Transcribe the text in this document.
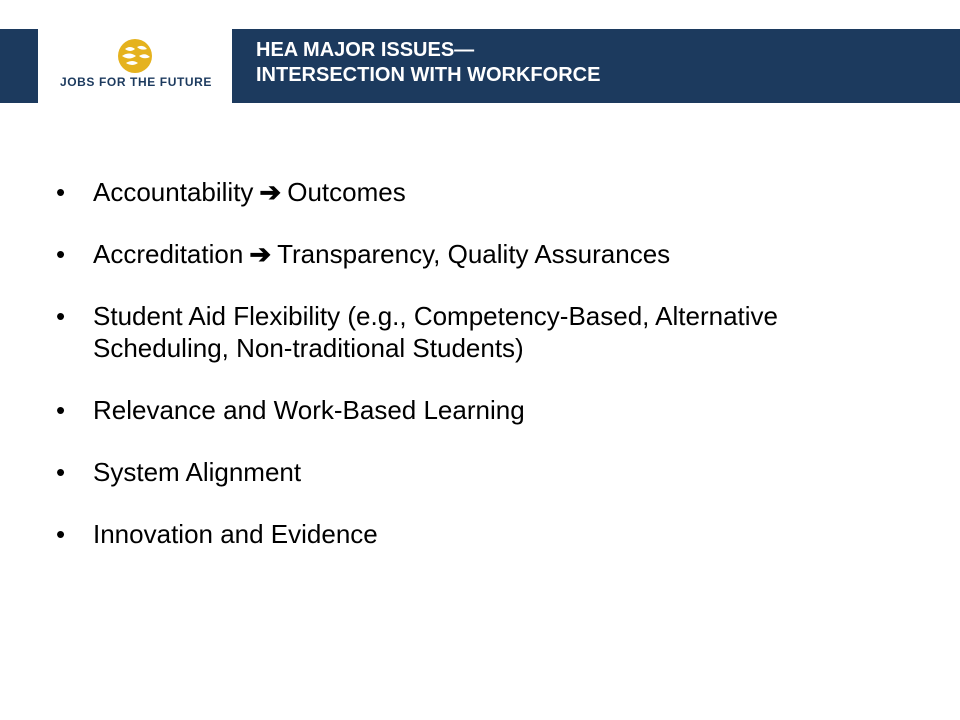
JOBS FOR THE FUTURE
HEA MAJOR ISSUES—
INTERSECTION WITH WORKFORCE
•	Accountability ➔ Outcomes
•	Accreditation ➔ Transparency, Quality Assurances
•	Student Aid Flexibility (e.g., Competency-Based, Alternative Scheduling, Non-traditional Students)
•	Relevance and Work-Based Learning
•	System Alignment
•	Innovation and Evidence
